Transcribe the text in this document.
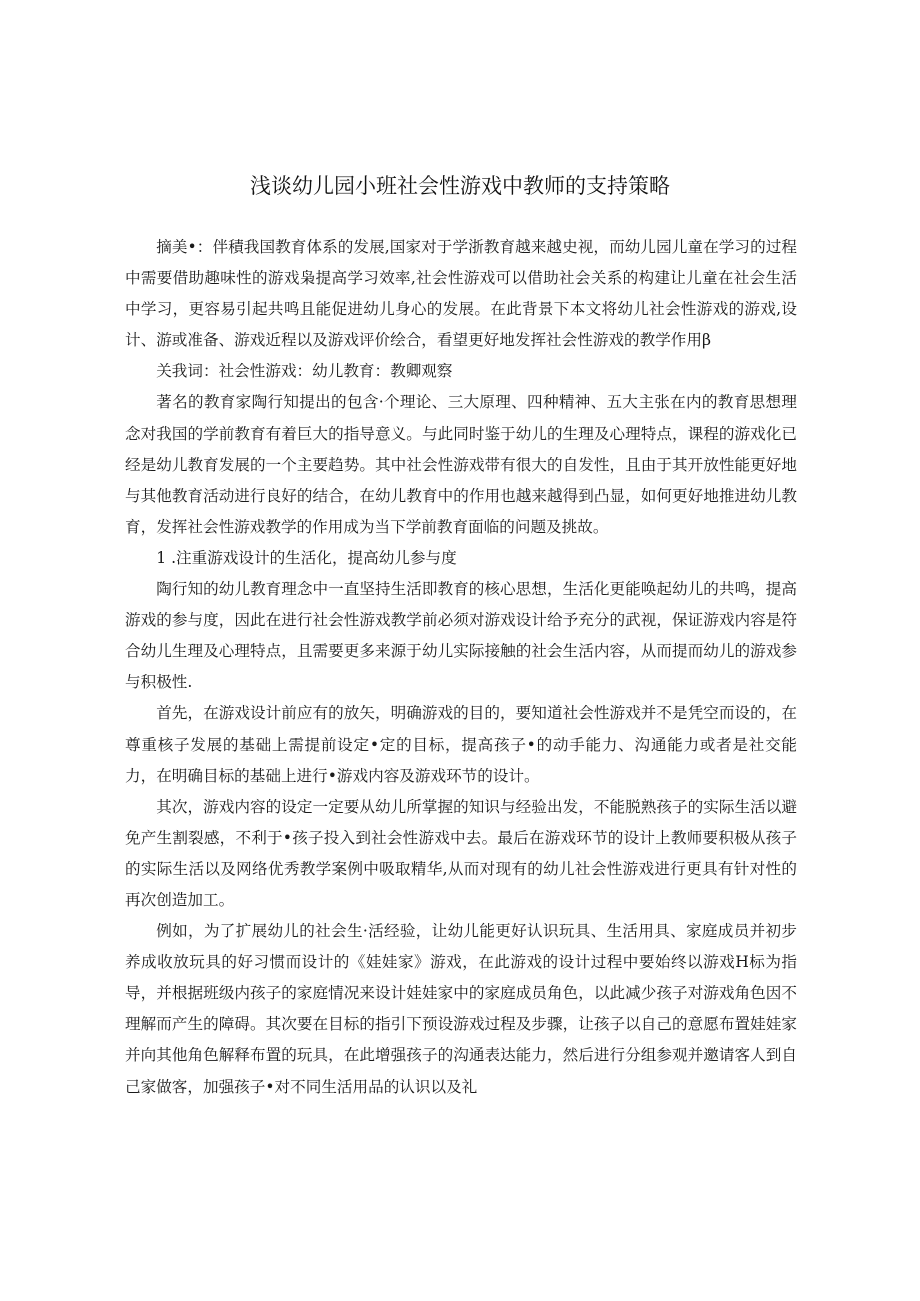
浅谈幼儿园小班社会性游戏中教师的支持策略

摘美•：伴積我国教育体系的发展,国家对于学浙教育越来越史视，而幼儿园儿童在学习的过程中需要借助趣味性的游戏枭提高学习效率,社会性游戏可以借助社会关系的构建让儿童在社会生活中学习，更容易引起共鸣且能促进幼儿身心的发展。在此背景下本文将幼儿社会性游戏的游戏,设计、游或准备、游戏近程以及游戏评价绘合，看望更好地发挥社会性游戏的教学作用β

关我词：社会性游戏：幼儿教育：教卿观察

著名的教育家陶行知提出的包含·个理论、三大原理、四种精神、五大主张在内的教育思想理念对我国的学前教育有着巨大的指导意义。与此同时鉴于幼儿的生理及心理特点，课程的游戏化已经是幼儿教育发展的一个主要趋势。其中社会性游戏带有很大的自发性，且由于其开放性能更好地与其他教育活动进行良好的结合，在幼儿教育中的作用也越来越得到凸显，如何更好地推进幼儿教育，发挥社会性游戏教学的作用成为当下学前教育面临的问题及挑故。

1 .注重游戏设计的生活化，提高幼儿参与度

陶行知的幼儿教育理念中一直坚持生活即教育的核心思想，生活化更能唤起幼儿的共鸣，提高游戏的参与度，因此在进行社会性游戏教学前必须对游戏设计给予充分的武视，保证游戏内容是符合幼儿生理及心理特点，且需要更多来源于幼儿实际接触的社会生活内容，从而提而幼儿的游戏参与积极性.

首先，在游戏设计前应有的放矢，明确游戏的目的，要知道社会性游戏并不是凭空而设的，在尊重核子发展的基础上需提前设定•定的目标，提高孩子•的动手能力、沟通能力或者是社交能力，在明确目标的基础上进行•游戏内容及游戏环节的设计。

其次，游戏内容的设定一定要从幼儿所掌握的知识与经验出发，不能脱熟孩子的实际生活以避免产生割裂感，不利于•孩子投入到社会性游戏中去。最后在游戏环节的设计上教师要积极从孩子的实际生活以及网络优秀教学案例中吸取精华,从而对现有的幼儿社会性游戏进行更具有针对性的再次创造加工。

例如，为了扩展幼儿的社会生·活经验，让幼儿能更好认识玩具、生活用具、家庭成员并初步养成收放玩具的好习惯而设计的《娃娃家》游戏，在此游戏的设计过程中要始终以游戏H标为指导，并根据班级内孩子的家庭情况来设计娃娃家中的家庭成员角色，以此减少孩子对游戏角色因不理解而产生的障碍。其次要在目标的指引下预设游戏过程及步骤，让孩子以自己的意愿布置娃娃家并向其他角色解释布置的玩具，在此增强孩子的沟通表达能力，然后进行分组参观并邀请客人到自己家做客，加强孩子•对不同生活用品的认识以及礼
